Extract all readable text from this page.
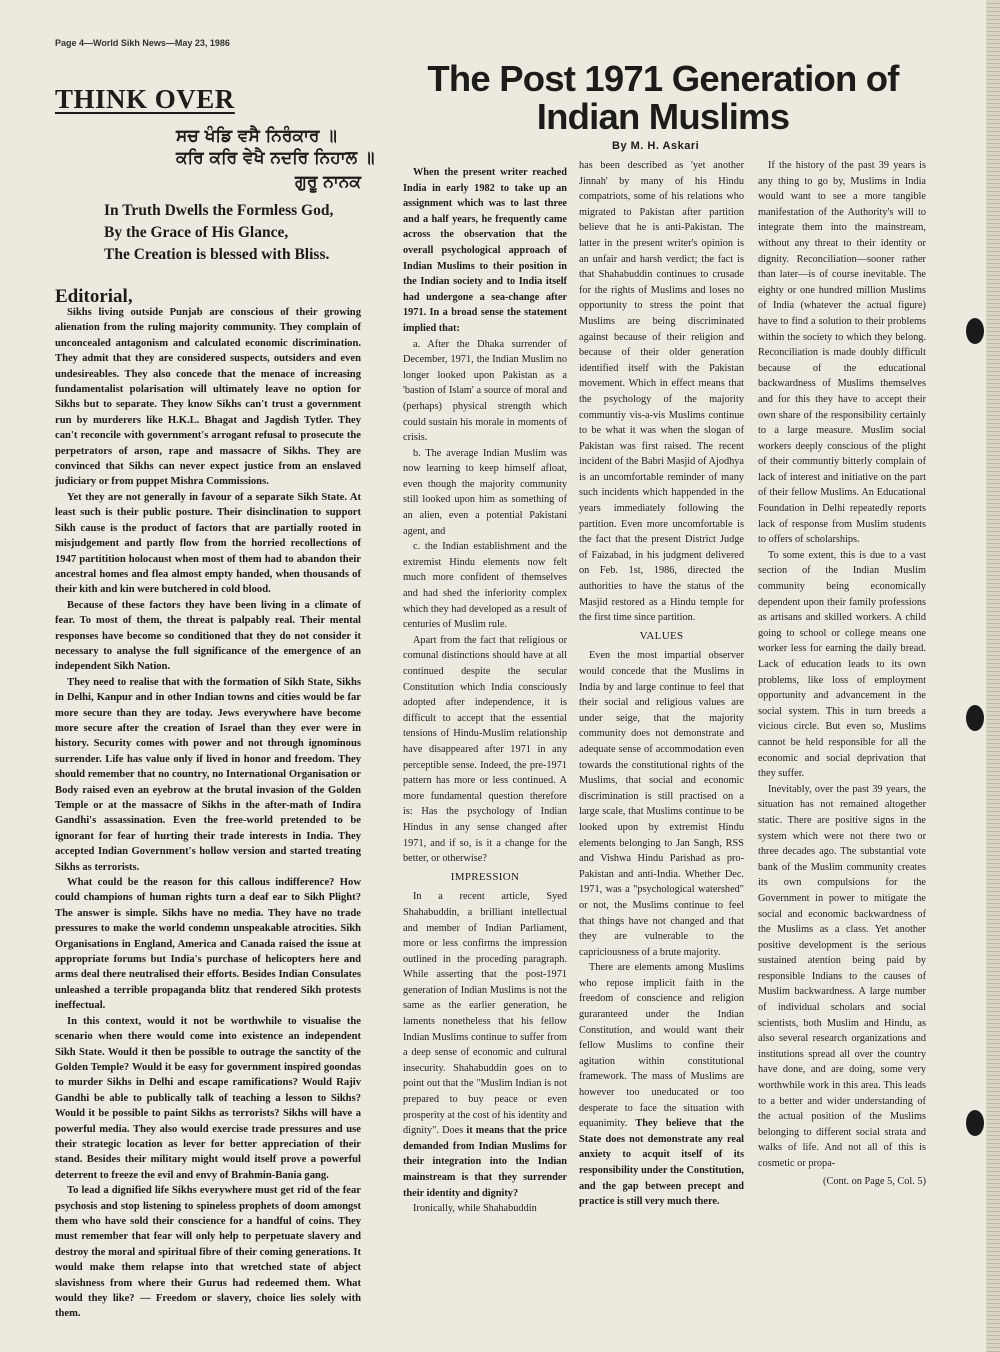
Page 4—World Sikh News—May 23, 1986
THINK OVER
ਸਚ ਖੰਡਿ ਵਸੈ ਨਿਰੰਕਾਰ ॥
ਕਰਿ ਕਰਿ ਵੇਖੈ ਨਦਰਿ ਨਿਹਾਲ ॥
ਗੁਰੂ ਨਾਨਕ
In Truth Dwells the Formless God,
By the Grace of His Glance,
The Creation is blessed with Bliss.
Editorial,

Sikhs living outside Punjab are conscious of their growing alienation from the ruling majority community. They complain of unconcealed antagonism and calculated economic discrimination. They admit that they are considered suspects, outsiders and even undesireables. They also concede that the menace of increasing fundamentalist polarisation will ultimately leave no option for Sikhs but to separate. They know Sikhs can't trust a government run by murderers like H.K.L. Bhagat and Jagdish Tytler. They can't reconcile with government's arrogant refusal to prosecute the perpetrators of arson, rape and massacre of Sikhs. They are convinced that Sikhs can never expect justice from an enslaved judiciary or from puppet Mishra Commissions.

Yet they are not generally in favour of a separate Sikh State. At least such is their public posture. Their disinclination to support Sikh cause is the product of factors that are partially rooted in misjudgement and partly flow from the horried recollections of 1947 partitition holocaust when most of them had to abandon their ancestral homes and flea almost empty handed, when thousands of their kith and kin were butchered in cold blood.

Because of these factors they have been living in a climate of fear. To most of them, the threat is palpably real. Their mental responses have become so conditioned that they do not consider it necessary to analyse the full significance of the emergence of an independent Sikh Nation.

They need to realise that with the formation of Sikh State, Sikhs in Delhi, Kanpur and in other Indian towns and cities would be far more secure than they are today. Jews everywhere have become more secure after the creation of Israel than they ever were in history. Security comes with power and not through ignominous surrender. Life has value only if lived in honor and freedom. They should remember that no country, no International Organisation or Body raised even an eyebrow at the brutal invasion of the Golden Temple or at the massacre of Sikhs in the after-math of Indira Gandhi's assassination. Even the free-world pretended to be ignorant for fear of hurting their trade interests in India. They accepted Indian Government's hollow version and started treating Sikhs as terrorists.

What could be the reason for this callous indifference? How could champions of human rights turn a deaf ear to Sikh Plight? The answer is simple. Sikhs have no media. They have no trade pressures to make the world condemn unspeakable atrocities. Sikh Organisations in England, America and Canada raised the issue at appropriate forums but India's purchase of helicopters here and arms deal there neutralised their efforts. Besides Indian Consulates unleashed a terrible propaganda blitz that rendered Sikh protests ineffectual.

In this context, would it not be worthwhile to visualise the scenario when there would come into existence an independent Sikh State. Would it then be possible to outrage the sanctity of the Golden Temple? Would it be easy for government inspired goondas to murder Sikhs in Delhi and escape ramifications? Would Rajiv Gandhi be able to publically talk of teaching a lesson to Sikhs? Would it be possible to paint Sikhs as terrorists? Sikhs will have a powerful media. They also would exercise trade pressures and use their strategic location as lever for better appreciation of their stand. Besides their military might would itself prove a powerful deterrent to freeze the evil and envy of Brahmin-Bania gang.

To lead a dignified life Sikhs everywhere must get rid of the fear psychosis and stop listening to spineless prophets of doom amongst them who have sold their conscience for a handful of coins. They must remember that fear will only help to perpetuate slavery and destroy the moral and spiritual fibre of their coming generations. It would make them relapse into that wretched state of abject slavishness from where their Gurus had redeemed them. What would they like? — Freedom or slavery, choice lies solely with them.

The Post 1971 Generation of Indian Muslims
By M. H. Askari

When the present writer reached India in early 1982 to take up an assignment which was to last three and a half years, he frequently came across the observation that the overall psychological approach of Indian Muslims to their position in the Indian society and to India itself had undergone a sea-change after 1971. In a broad sense the statement implied that:

a. After the Dhaka surrender of December, 1971, the Indian Muslim no longer looked upon Pakistan as a 'bastion of Islam' a source of moral and (perhaps) physical strength which could sustain his morale in moments of crisis.

b. The average Indian Muslim was now learning to keep himself afloat, even though the majority community still looked upon him as something of an alien, even a potential Pakistani agent, and

c. the Indian establishment and the extremist Hindu elements now felt much more confident of themselves and had shed the inferiority complex which they had developed as a result of centuries of Muslim rule.

Apart from the fact that religious or comunal distinctions should have at all continued despite the secular Constitution which India consciously adopted after independence, it is difficult to accept that the essential tensions of Hindu-Muslim relationship have disappeared after 1971 in any perceptible sense. Indeed, the pre-1971 pattern has more or less continued. A more fundamental question therefore is: Has the psychology of Indian Hindus in any sense changed after 1971, and if so, is it a change for the better, or otherwise?

IMPRESSION

In a recent article, Syed Shahabuddin, a brilliant intellectual and member of Indian Parliament, more or less confirms the impression outlined in the proceding paragraph. While asserting that the post-1971 generation of Indian Muslims is not the same as the earlier generation, he laments nonetheless that his fellow Indian Muslims continue to suffer from a deep sense of economic and cultural insecurity. Shahabuddin goes on to point out that the "Muslim Indian is not prepared to buy peace or even prosperity at the cost of his identity and dignity". Does it means that the price demanded from Indian Muslims for their integration into the Indian mainstream is that they surrender their identity and dignity?

Ironically, while Shahabuddin

has been described as 'yet another Jinnah' by many of his Hindu compatriots, some of his relations who migrated to Pakistan after partition believe that he is anti-Pakistan. The latter in the present writer's opinion is an unfair and harsh verdict; the fact is that Shahabuddin continues to crusade for the rights of Muslims and loses no opportunity to stress the point that Muslims are being discriminated against because of their religion and because of their older generation identified itself with the Pakistan movement. Which in effect means that the psychology of the majority communtiy vis-a-vis Muslims continue to be what it was when the slogan of Pakistan was first raised. The recent incident of the Babri Masjid of Ajodhya is an uncomfortable reminder of many such incidents which happended in the years immediately following the partition. Even more uncomfortable is the fact that the present District Judge of Faizabad, in his judgment delivered on Feb. 1st, 1986, directed the authorities to have the status of the Masjid restored as a Hindu temple for the first time since partition.

VALUES

Even the most impartial observer would concede that the Muslims in India by and large continue to feel that their social and religious values are under seige, that the majority community does not demonstrate and adequate sense of accommodation even towards the constitutional rights of the Muslims, that social and economic discrimination is still practised on a large scale, that Muslims continue to be looked upon by extremist Hindu elements belonging to Jan Sangh, RSS and Vishwa Hindu Parishad as pro-Pakistan and anti-India. Whether Dec. 1971, was a "psychological watershed" or not, the Muslims continue to feel that things have not changed and that they are vulnerable to the capriciousness of a brute majority.

There are elements among Muslims who repose implicit faith in the freedom of conscience and religion guraranteed under the Indian Constitution, and would want their fellow Muslims to confine their agitation within constitutional framework. The mass of Muslims are however too uneducated or too desperate to face the situation with equanimity. They believe that the State does not demonstrate any real anxiety to acquit itself of its responsibility under the Constitution, and the gap between precept and practice is still very much there.

If the history of the past 39 years is any thing to go by, Muslims in India would want to see a more tangible manifestation of the Authority's will to integrate them into the mainstream, without any threat to their identity or dignity. Reconciliation—sooner rather than later—is of course inevitable. The eighty or one hundred million Muslims of India (whatever the actual figure) have to find a solution to their problems within the society to which they belong. Reconciliation is made doubly difficult because of the educational backwardness of Muslims themselves and for this they have to accept their own share of the responsibility certainly to a large measure. Muslim social workers deeply conscious of the plight of their communtiy bitterly complain of lack of interest and initiative on the part of their fellow Muslims. An Educational Foundation in Delhi repeatedly reports lack of response from Muslim students to offers of scholarships.

To some extent, this is due to a vast section of the Indian Muslim community being economically dependent upon their family professions as artisans and skilled workers. A child going to school or college means one worker less for earning the daily bread. Lack of education leads to its own problems, like loss of employment opportunity and advancement in the social system. This in turn breeds a vicious circle. But even so, Muslims cannot be held responsible for all the economic and social deprivation that they suffer.

Inevitably, over the past 39 years, the situation has not remained altogether static. There are positive signs in the system which were not there two or three decades ago. The substantial vote bank of the Muslim community creates its own compulsions for the Government in power to mitigate the social and economic backwardness of the Muslims as a class. Yet another positive development is the serious sustained atention being paid by responsible Indians to the causes of Muslim backwardness. A large number of individual scholars and social scientists, both Muslim and Hindu, as also several research organizations and institutions spread all over the country have done, and are doing, some very worthwhile work in this area. This leads to a better and wider understanding of the actual position of the Muslims belonging to different social strata and walks of life. And not all of this is cosmetic or propa-

(Cont. on Page 5, Col. 5)
